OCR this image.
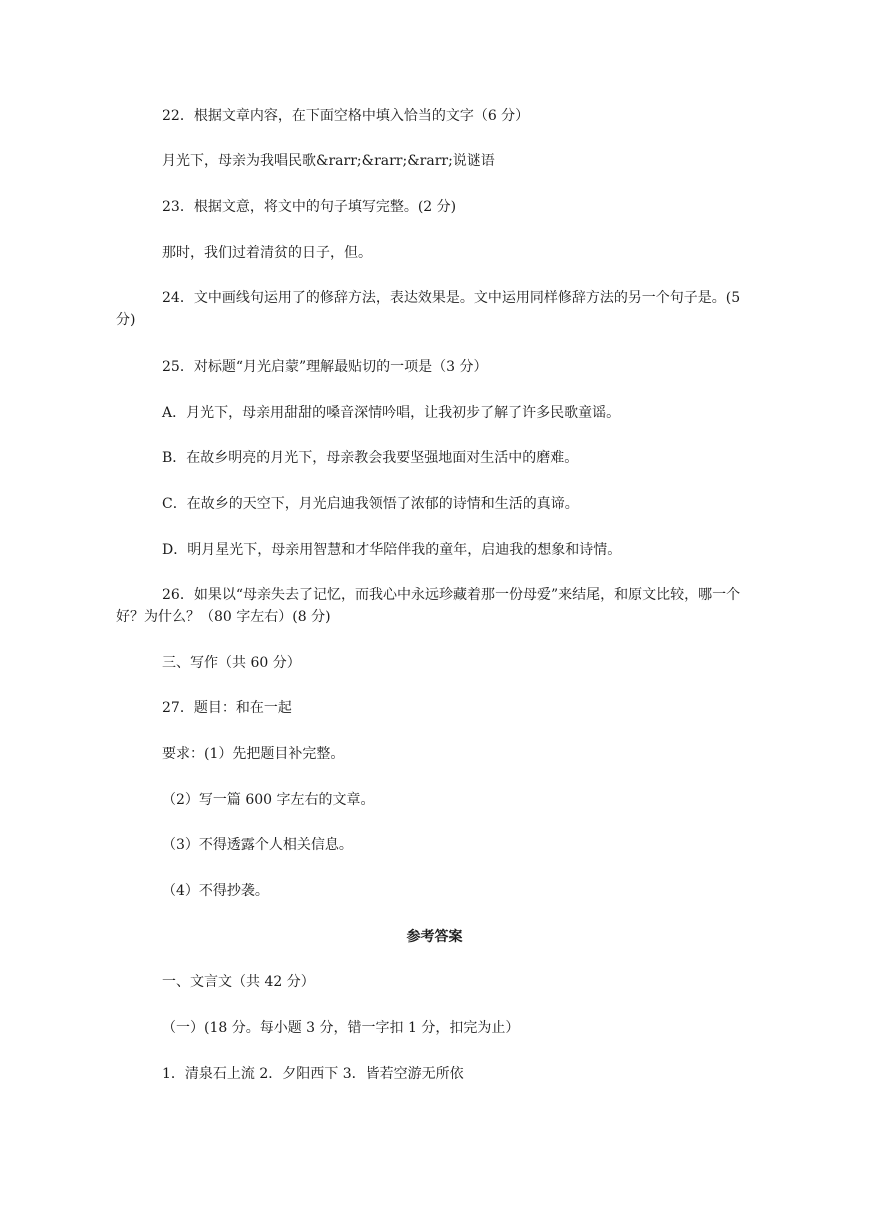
22．根据文章内容，在下面空格中填入恰当的文字（6 分）

月光下，母亲为我唱民歌&rarr;&rarr;&rarr;说谜语

23．根据文意，将文中的句子填写完整。(2 分)

那时，我们过着清贫的日子，但。

24．文中画线句运用了的修辞方法，表达效果是。文中运用同样修辞方法的另一个句子是。(5 分)

25．对标题“月光启蒙”理解最贴切的一项是（3 分）

A．月光下，母亲用甜甜的嗓音深情吟唱，让我初步了解了许多民歌童谣。

B．在故乡明亮的月光下，母亲教会我要坚强地面对生活中的磨难。

C．在故乡的天空下，月光启迪我领悟了浓郁的诗情和生活的真谛。

D．明月星光下，母亲用智慧和才华陪伴我的童年，启迪我的想象和诗情。

26．如果以“母亲失去了记忆，而我心中永远珍藏着那一份母爱”来结尾，和原文比较，哪一个好？为什么？（80 字左右）(8 分)

三、写作（共 60 分）

27．题目：和在一起

要求：(1）先把题目补完整。

（2）写一篇 600 字左右的文章。

（3）不得透露个人相关信息。

（4）不得抄袭。

参考答案

一、文言文（共 42 分）

（一）(18 分。每小题 3 分，错一字扣 1 分，扣完为止）

1．清泉石上流 2．夕阳西下 3．皆若空游无所依
